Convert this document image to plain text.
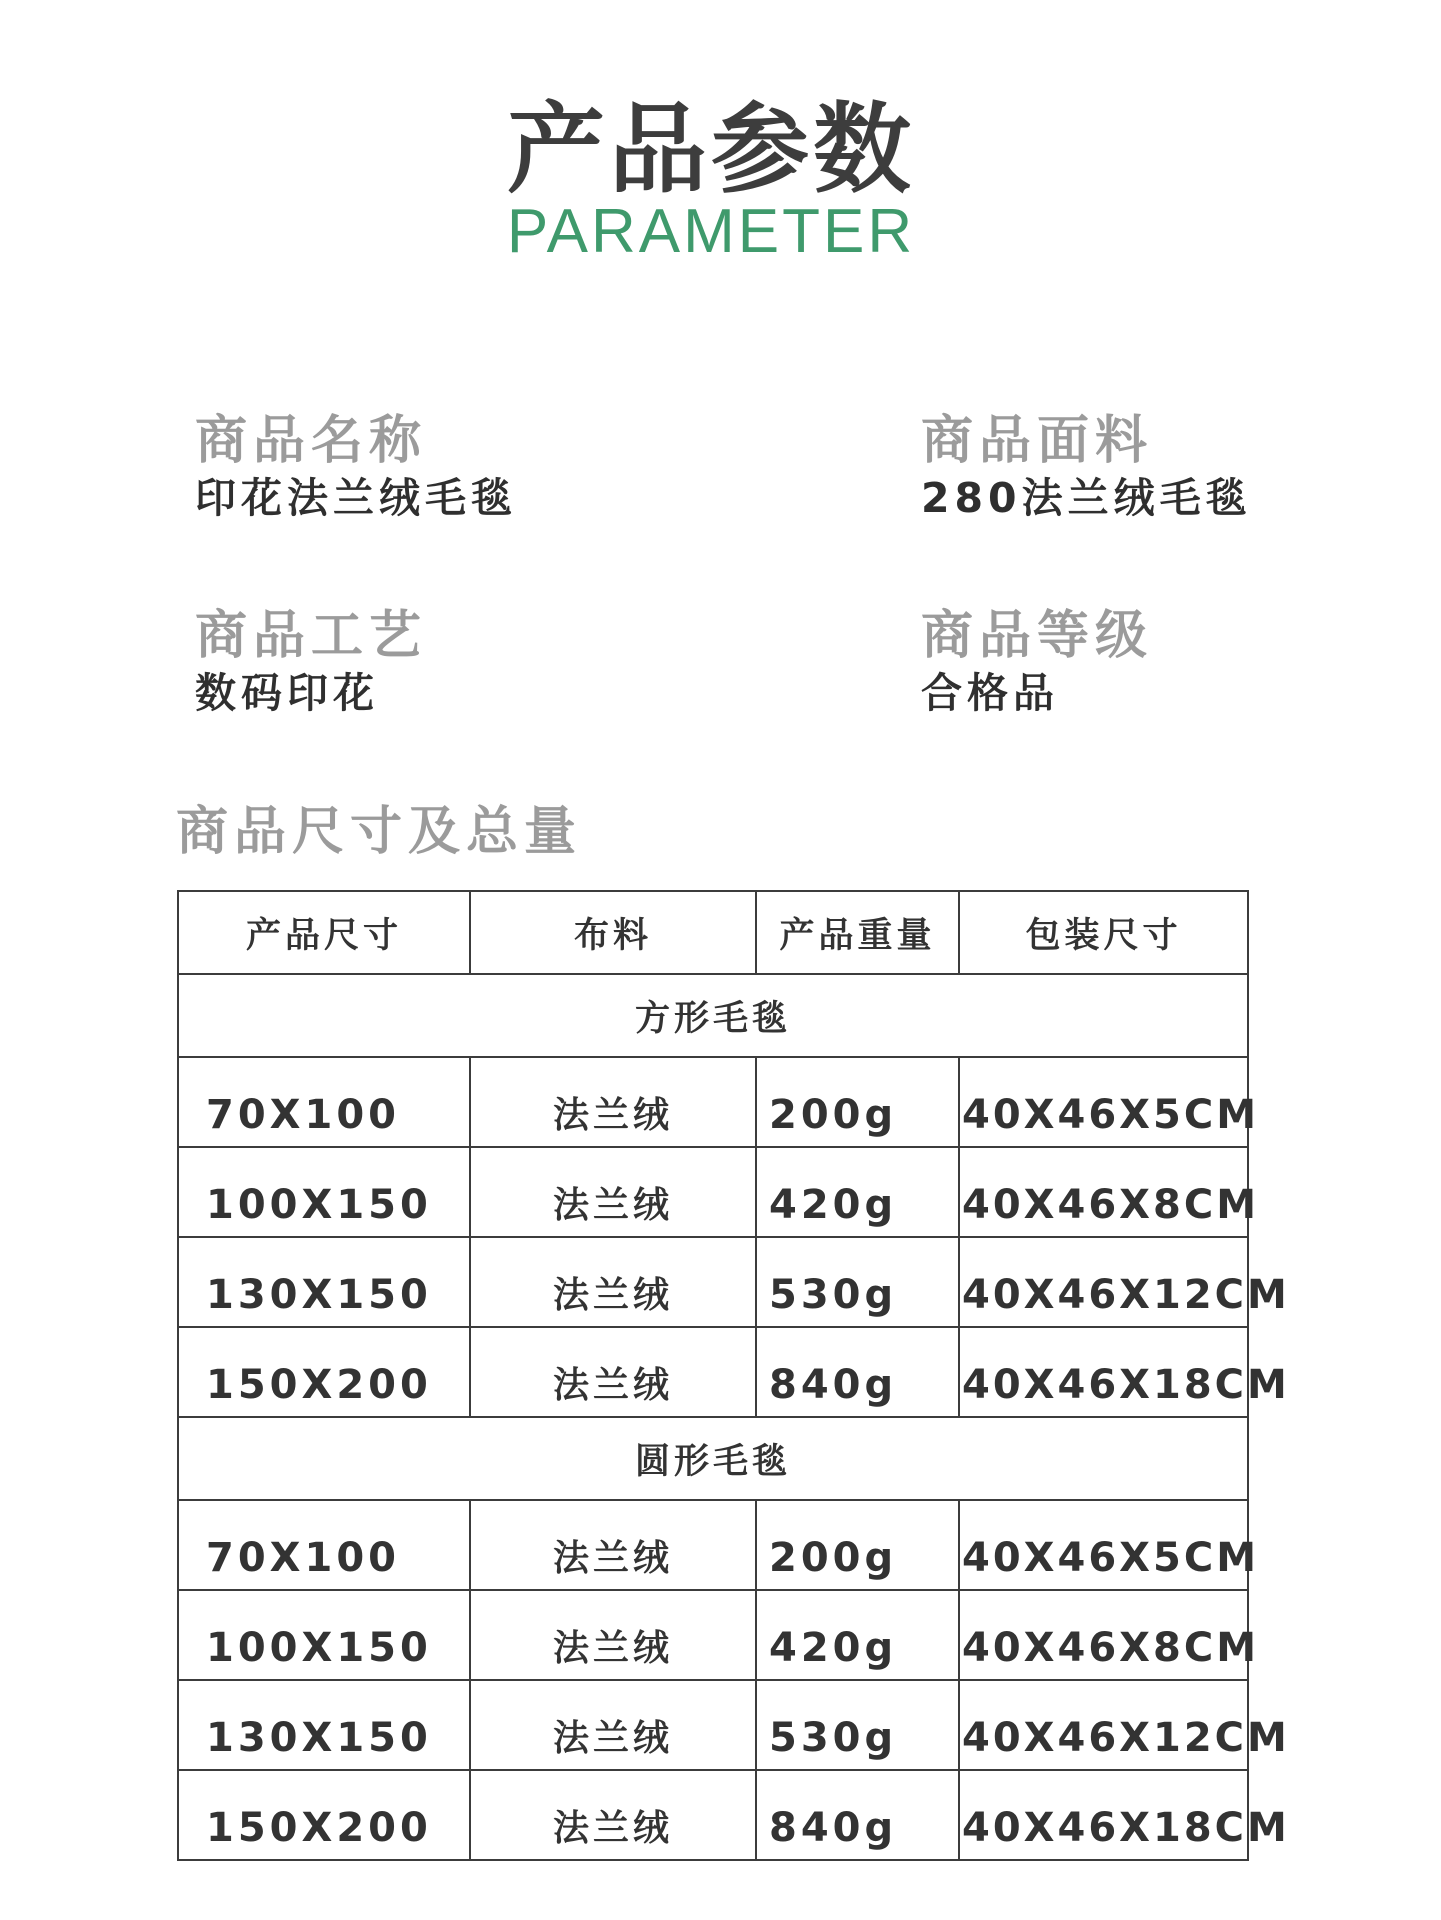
产品参数
PARAMETER
商品名称
印花法兰绒毛毯
商品面料
280法兰绒毛毯
商品工艺
数码印花
商品等级
合格品
商品尺寸及总量
产品尺寸	布料	产品重量	包装尺寸
方形毛毯			
70X100	法兰绒	200g	40X46X5CM
100X150	法兰绒	420g	40X46X8CM
130X150	法兰绒	530g	40X46X12CM
150X200	法兰绒	840g	40X46X18CM
圆形毛毯			
70X100	法兰绒	200g	40X46X5CM
100X150	法兰绒	420g	40X46X8CM
130X150	法兰绒	530g	40X46X12CM
150X200	法兰绒	840g	40X46X18CM
